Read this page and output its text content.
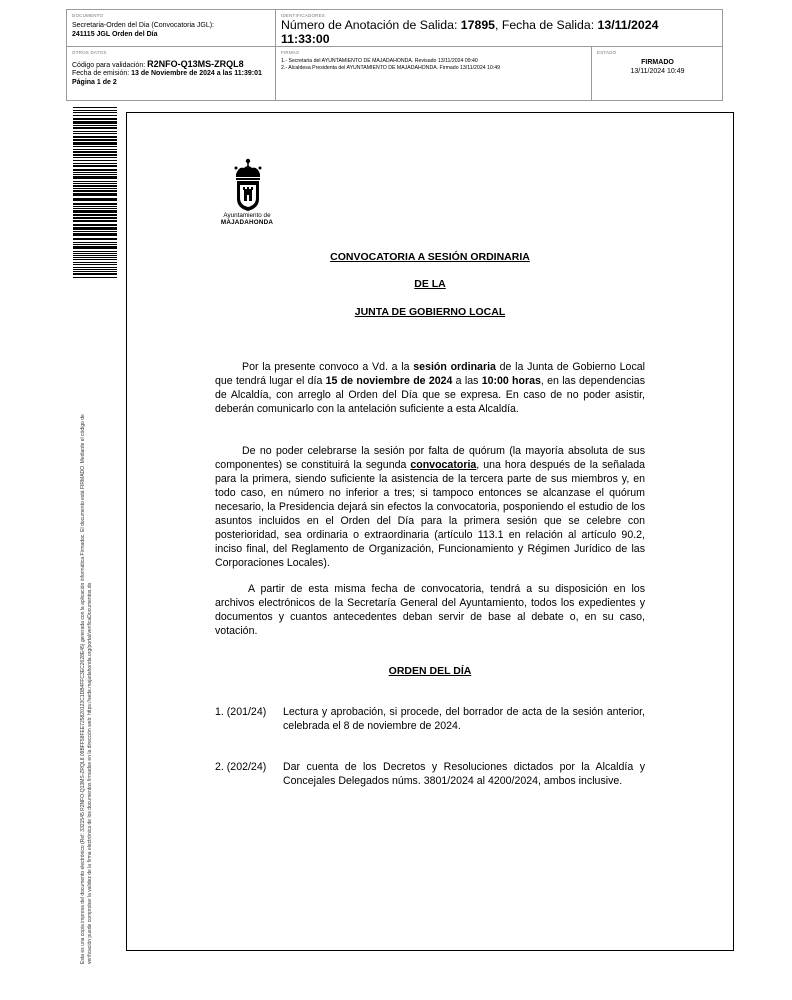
DOCUMENTO
Secretaria-Orden del Dia (Convocatoria JGL):
241115 JGL Orden del Día
IDENTIFICADORES
Número de Anotación de Salida: 17895, Fecha de Salida: 13/11/2024
11:33:00
OTROS DATOS
Código para validación: R2NFO-Q13MS-ZRQL8
Fecha de emisión: 13 de Noviembre de 2024 a las 11:39:01
Página 1 de 2
FIRMAS
1.- Secretaria del AYUNTAMIENTO DE MAJADAHONDA. Revisado 13/11/2024 09:40
2.- Alcaldesa Presidenta del AYUNTAMIENTO DE MAJADAHONDA. Firmado 13/11/2024 10:49
ESTADO
FIRMADO
13/11/2024 10:49
Esta es una copia impresa del documento electrónico (Ref: 3321545 R2NFO-Q13MS-ZRQL8 09BFF58FEE725820123C1DB4FFC3EC2628E45) generada con la aplicación informática Firmadoc. El documento está FIRMADO. Mediante el código de verificación puede comprobar la validez de la firma electrónica de los documentos firmados en la dirección web: https://sede.majadahonda.org/portal/verificaDocumentos.do
Ayuntamiento de
MAJADAHONDA
CONVOCATORIA A SESIÓN ORDINARIA
DE LA
JUNTA DE GOBIERNO LOCAL
Por la presente convoco a Vd. a la sesión ordinaria de la Junta de Gobierno Local que tendrá lugar el día 15 de noviembre de 2024 a las 10:00 horas, en las dependencias de Alcaldía, con arreglo al Orden del Día que se expresa. En caso de no poder asistir, deberán comunicarlo con la antelación suficiente a esta Alcaldía.
De no poder celebrarse la sesión por falta de quórum (la mayoría absoluta de sus componentes) se constituirá la segunda convocatoria, una hora después de la señalada para la primera, siendo suficiente la asistencia de la tercera parte de sus miembros y, en todo caso, en número no inferior a tres; si tampoco entonces se alcanzase el quórum necesario, la Presidencia dejará sin efectos la convocatoria, posponiendo el estudio de los asuntos incluidos en el Orden del Día para la primera sesión que se celebre con posterioridad, sea ordinaria o extraordinaria (artículo 113.1 en relación al artículo 90.2, inciso final, del Reglamento de Organización, Funcionamiento y Régimen Jurídico de las Corporaciones Locales).
A partir de esta misma fecha de convocatoria, tendrá a su disposición en los archivos electrónicos de la Secretaría General del Ayuntamiento, todos los expedientes y documentos y cuantos antecedentes deban servir de base al debate o, en su caso, votación.
ORDEN DEL DÍA
1. (201/24) Lectura y aprobación, si procede, del borrador de acta de la sesión anterior, celebrada el 8 de noviembre de 2024.
2. (202/24) Dar cuenta de los Decretos y Resoluciones dictados por la Alcaldía y Concejales Delegados núms. 3801/2024 al 4200/2024, ambos inclusive.
